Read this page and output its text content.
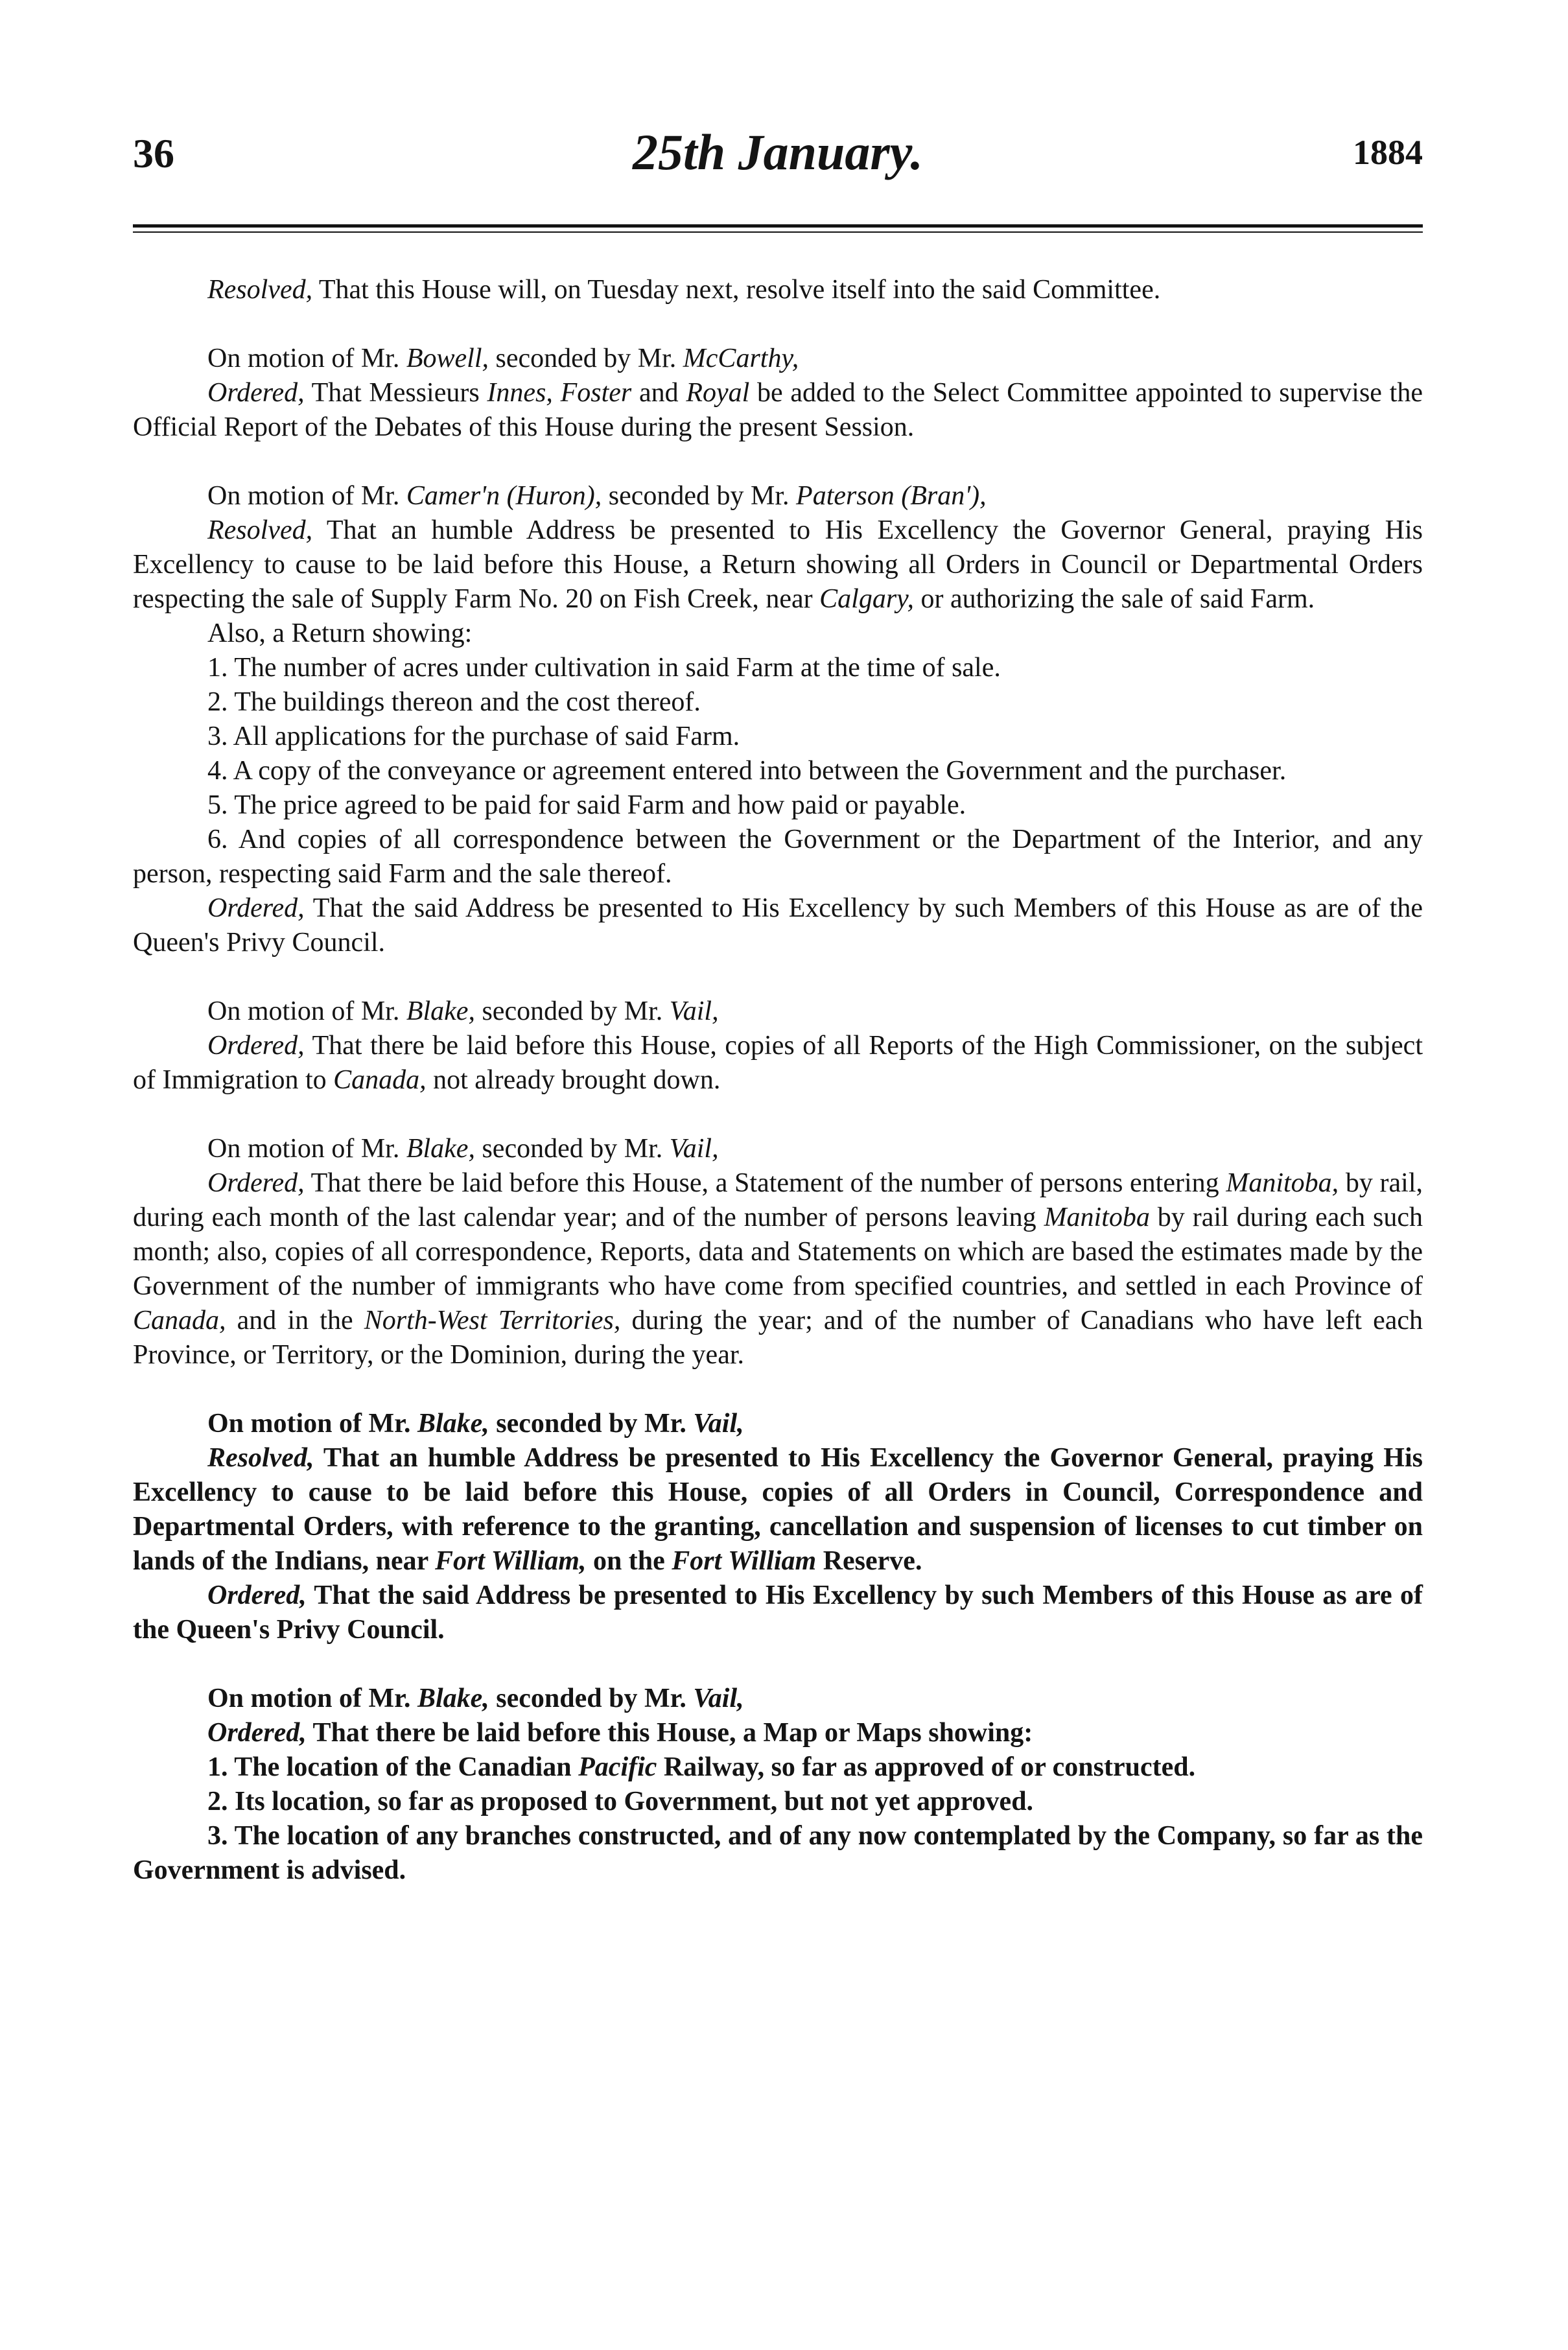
36	25th January.	1884

Resolved, That this House will, on Tuesday next, resolve itself into the said Committee.

On motion of Mr. Bowell, seconded by Mr. McCarthy,

Ordered, That Messieurs Innes, Foster and Royal be added to the Select Committee appointed to supervise the Official Report of the Debates of this House during the present Session.

On motion of Mr. Camer'n (Huron), seconded by Mr. Paterson (Bran'),

Resolved, That an humble Address be presented to His Excellency the Governor General, praying His Excellency to cause to be laid before this House, a Return showing all Orders in Council or Departmental Orders respecting the sale of Supply Farm No. 20 on Fish Creek, near Calgary, or authorizing the sale of said Farm.

Also, a Return showing:

1. The number of acres under cultivation in said Farm at the time of sale.

2. The buildings thereon and the cost thereof.

3. All applications for the purchase of said Farm.

4. A copy of the conveyance or agreement entered into between the Government and the purchaser.

5. The price agreed to be paid for said Farm and how paid or payable.

6. And copies of all correspondence between the Government or the Department of the Interior, and any person, respecting said Farm and the sale thereof.

Ordered, That the said Address be presented to His Excellency by such Members of this House as are of the Queen's Privy Council.

On motion of Mr. Blake, seconded by Mr. Vail,

Ordered, That there be laid before this House, copies of all Reports of the High Commissioner, on the subject of Immigration to Canada, not already brought down.

On motion of Mr. Blake, seconded by Mr. Vail,

Ordered, That there be laid before this House, a Statement of the number of persons entering Manitoba, by rail, during each month of the last calendar year; and of the number of persons leaving Manitoba by rail during each such month; also, copies of all correspondence, Reports, data and Statements on which are based the estimates made by the Government of the number of immigrants who have come from specified countries, and settled in each Province of Canada, and in the North-West Territories, during the year; and of the number of Canadians who have left each Province, or Territory, or the Dominion, during the year.

On motion of Mr. Blake, seconded by Mr. Vail,

Resolved, That an humble Address be presented to His Excellency the Governor General, praying His Excellency to cause to be laid before this House, copies of all Orders in Council, Correspondence and Departmental Orders, with reference to the granting, cancellation and suspension of licenses to cut timber on lands of the Indians, near Fort William, on the Fort William Reserve.

Ordered, That the said Address be presented to His Excellency by such Members of this House as are of the Queen's Privy Council.

On motion of Mr. Blake, seconded by Mr. Vail,

Ordered, That there be laid before this House, a Map or Maps showing:

1. The location of the Canadian Pacific Railway, so far as approved of or constructed.

2. Its location, so far as proposed to Government, but not yet approved.

3. The location of any branches constructed, and of any now contemplated by the Company, so far as the Government is advised.
